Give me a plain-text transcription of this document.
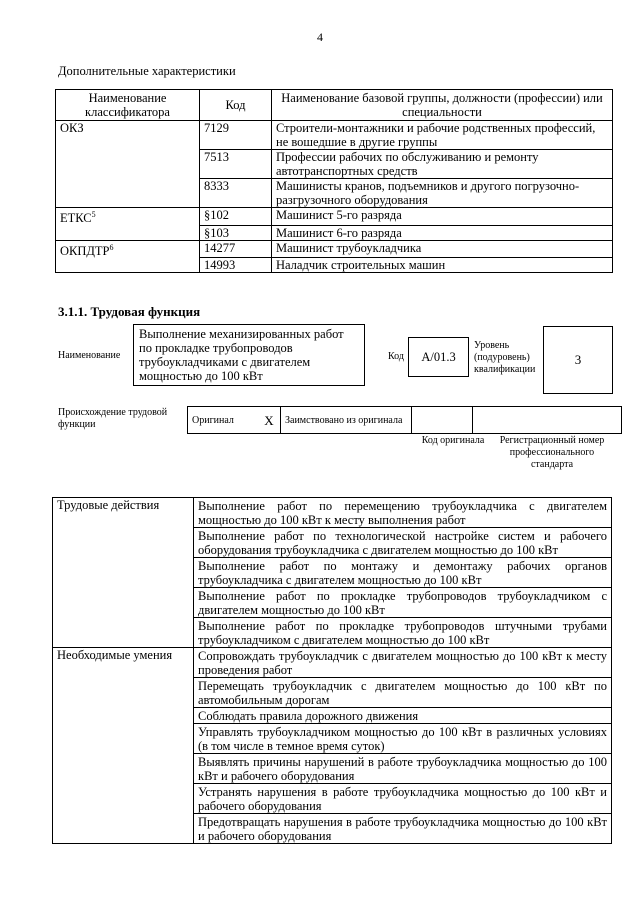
4
Дополнительные характеристики
Наименование классификатора	Код	Наименование базовой группы, должности (профессии) или специальности
ОКЗ	7129	Строители-монтажники и рабочие родственных профессий, не вошедшие в другие группы
	7513	Профессии рабочих по обслуживанию и ремонту автотранспортных средств
	8333	Машинисты кранов, подъемников и другого погрузочно-разгрузочного оборудования
ЕТКС$^5$	§102	Машинист 5-го разряда
	§103	Машинист 6-го разряда
ОКПДТР$^6$	14277	Машинист трубоукладчика
	14993	Наладчик строительных машин
3.1.1. Трудовая функция
Наименование
Выполнение механизированных работ по прокладке трубопроводов трубоукладчиками с двигателем мощностью до 100 кВт
Код	А/01.3
Уровень (подуровень) квалификации
3
Происхождение трудовой функции	Оригинал	X	Заимствовано из оригинала		
Код оригинала	Регистрационный номер профессионального стандарта
Трудовые действия	Выполнение работ по перемещению трубоукладчика с двигателем мощностью до 100 кВт к месту выполнения работ
	Выполнение работ по технологической настройке систем и рабочего оборудования трубоукладчика с двигателем мощностью до 100 кВт
	Выполнение работ по монтажу и демонтажу рабочих органов трубоукладчика с двигателем мощностью до 100 кВт
	Выполнение работ по прокладке трубопроводов трубоукладчиком с двигателем мощностью до 100 кВт
	Выполнение работ по прокладке трубопроводов штучными трубами трубоукладчиком с двигателем мощностью до 100 кВт
Необходимые умения	Сопровождать трубоукладчик с двигателем мощностью до 100 кВт к месту проведения работ
	Перемещать трубоукладчик с двигателем мощностью до 100 кВт по автомобильным дорогам
	Соблюдать правила дорожного движения
	Управлять трубоукладчиком мощностью до 100 кВт в различных условиях (в том числе в темное время суток)
	Выявлять причины нарушений в работе трубоукладчика мощностью до 100 кВт и рабочего оборудования
	Устранять нарушения в работе трубоукладчика мощностью до 100 кВт и рабочего оборудования
	Предотвращать нарушения в работе трубоукладчика мощностью до 100 кВт и рабочего оборудования
